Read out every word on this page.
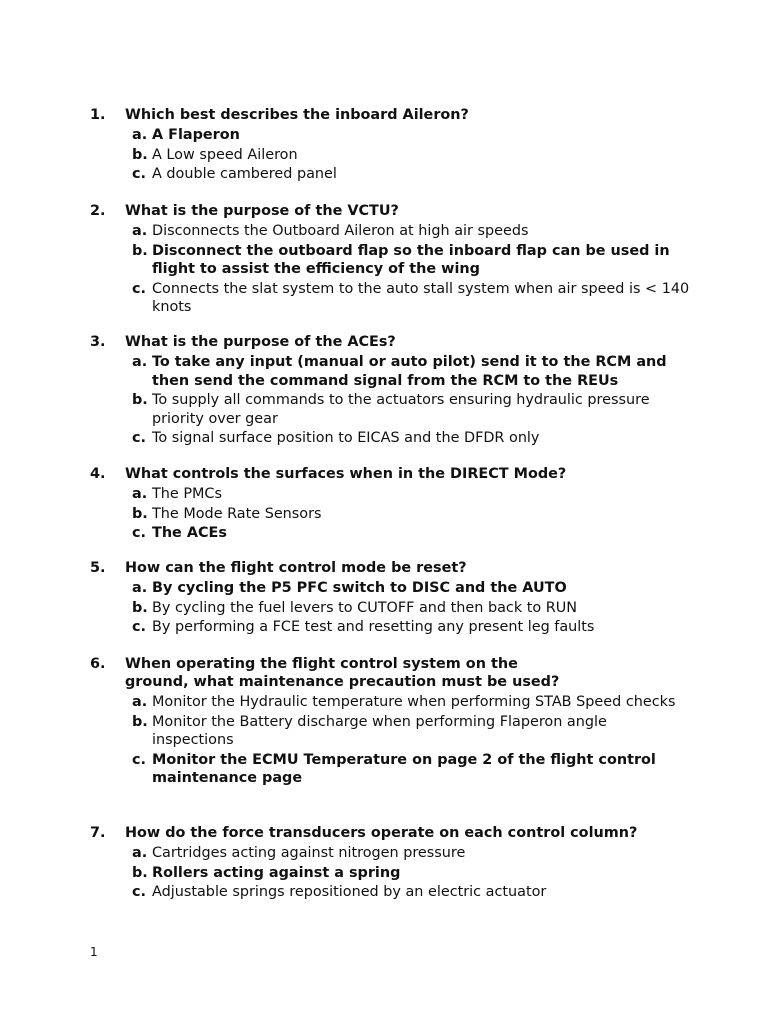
1.	Which best describes the inboard Aileron?
a. A Flaperon
b. A Low speed Aileron
c. A double cambered panel
2.	What is the purpose of the VCTU?
a. Disconnects the Outboard Aileron at high air speeds
b. Disconnect the outboard flap so the inboard flap can be used in flight to assist the efficiency of the wing
c. Connects the slat system to the auto stall system when air speed is < 140 knots
3.	What is the purpose of the ACEs?
a. To take any input (manual or auto pilot) send it to the RCM and then send the command signal from the RCM to the REUs
b. To supply all commands to the actuators ensuring hydraulic pressure priority over gear
c. To signal surface position to EICAS and the DFDR only
4.	What controls the surfaces when in the DIRECT Mode?
a. The PMCs
b. The Mode Rate Sensors
c. The ACEs
5.	How can the flight control mode be reset?
a. By cycling the P5 PFC switch to DISC and the AUTO
b. By cycling the fuel levers to CUTOFF and then back to RUN
c. By performing a FCE test and resetting any present leg faults
6.	When operating the flight control system on the ground, what maintenance precaution must be used?
a. Monitor the Hydraulic temperature when performing STAB Speed checks
b. Monitor the Battery discharge when performing Flaperon angle inspections
c. Monitor the ECMU Temperature on page 2 of the flight control maintenance page
7.	How do the force transducers operate on each control column?
a. Cartridges acting against nitrogen pressure
b. Rollers acting against a spring
c. Adjustable springs repositioned by an electric actuator
1
